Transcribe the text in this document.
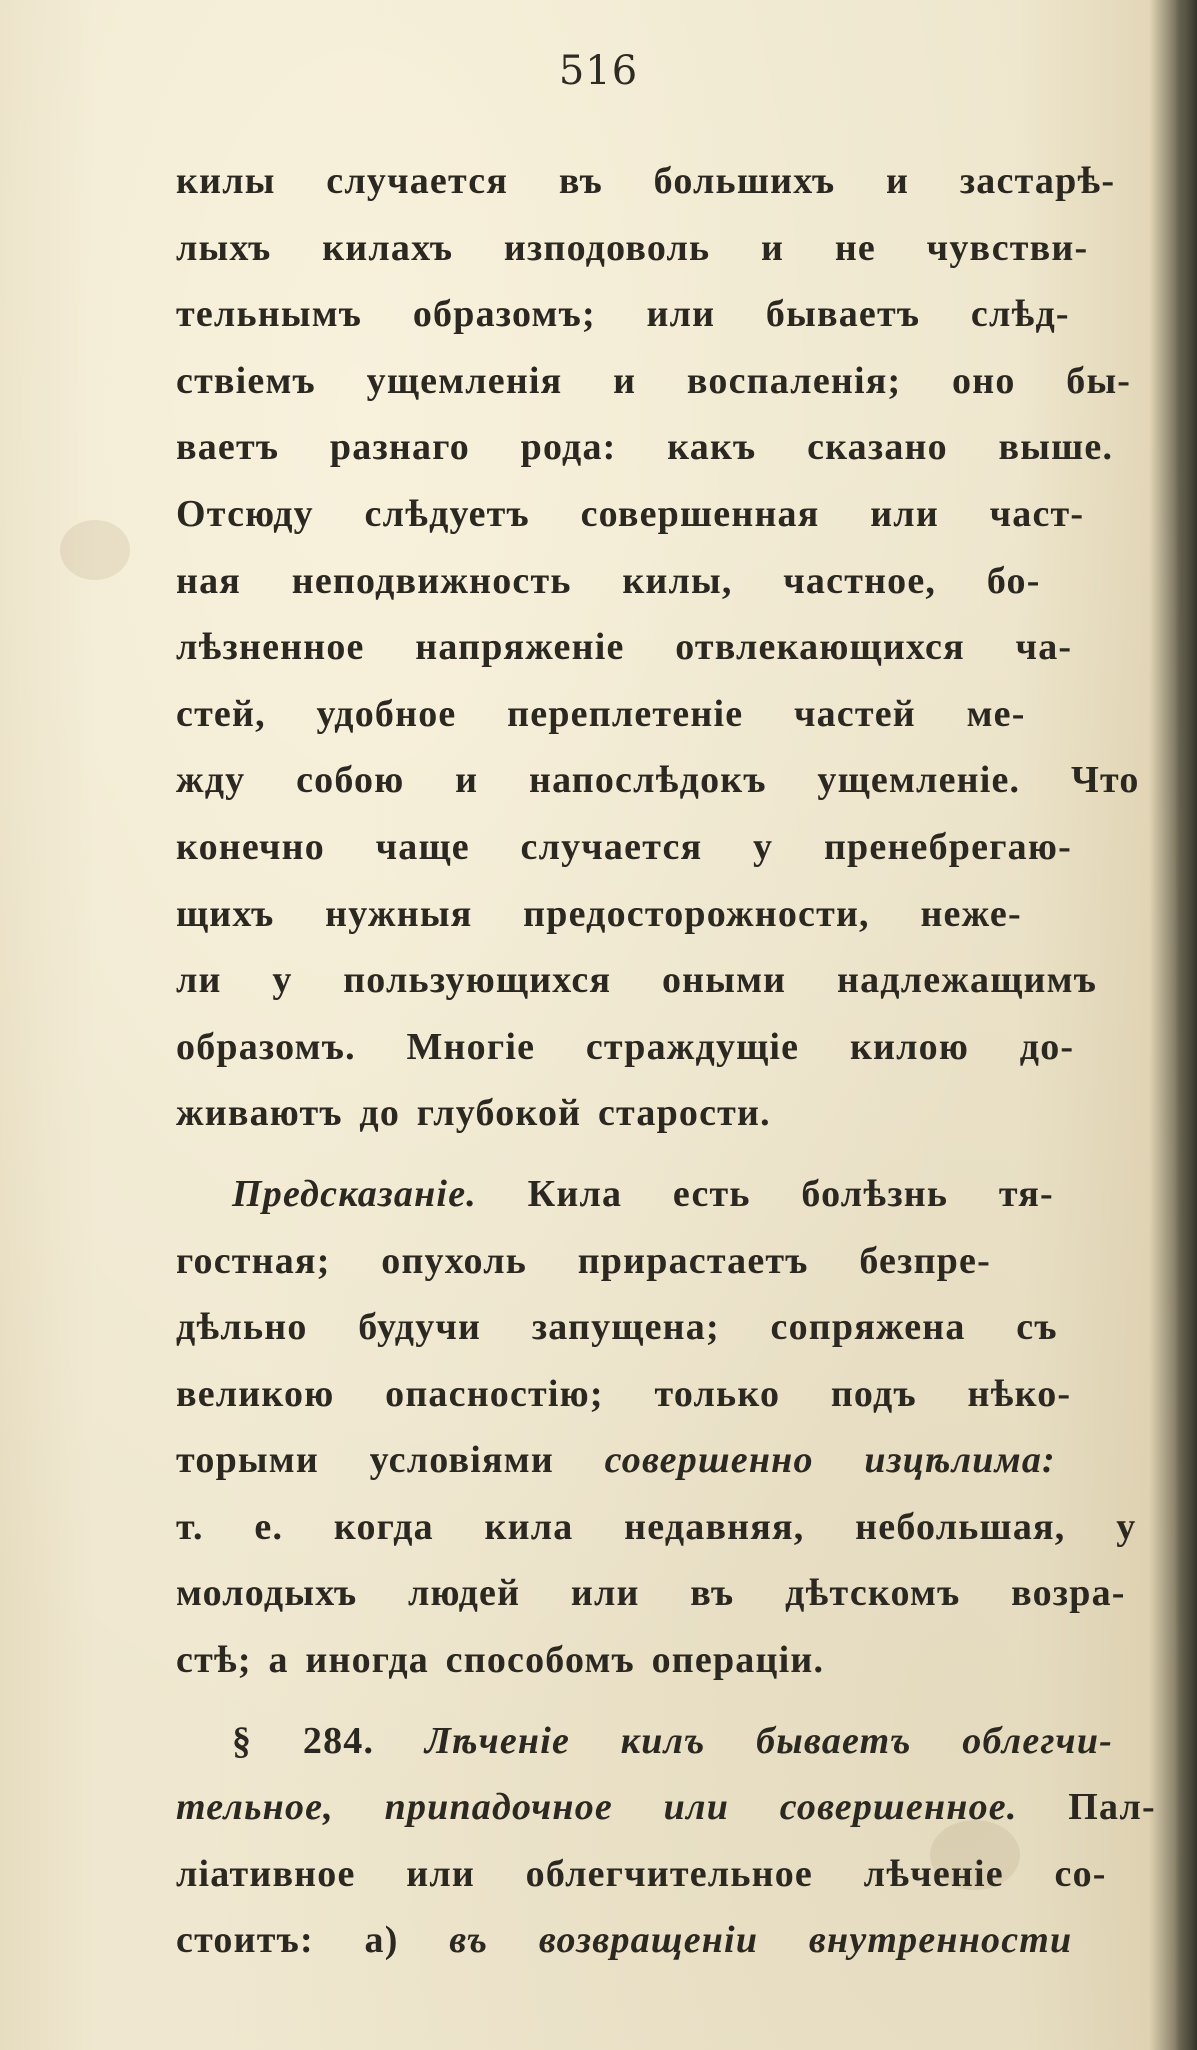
516
килы случается въ большихъ и застарѣ-
лыхъ килахъ изподоволь и не чувстви-
тельнымъ образомъ; или бываетъ слѣд-
ствіемъ ущемленія и воспаленія; оно бы-
ваетъ разнаго рода: какъ сказано выше.
Отсюду слѣдуетъ совершенная или част-
ная неподвижность килы, частное, бо-
лѣзненное напряженіе отвлекающихся ча-
стей, удобное переплетеніе частей ме-
жду собою и напослѣдокъ ущемленіе. Что
конечно чаще случается у пренебрегаю-
щихъ нужныя предосторожности, неже-
ли у пользующихся оными надлежащимъ
образомъ. Многіе страждущіе килою до-
живаютъ до глубокой старости.
Предсказаніе. Кила есть болѣзнь тя-
гостная; опухоль прирастаетъ безпре-
дѣльно будучи запущена; сопряжена съ
великою опасностію; только подъ нѣко-
торыми условіями совершенно изцѣлима:
т. е. когда кила недавняя, небольшая, у
молодыхъ людей или въ дѣтскомъ возра-
стѣ; а иногда способомъ операціи.
§ 284. Лѣченіе килъ бываетъ облегчи-
тельное, припадочное или совершенное. Пал-
ліативное или облегчительное лѣченіе со-
стоитъ: а) въ возвращеніи внутренности
